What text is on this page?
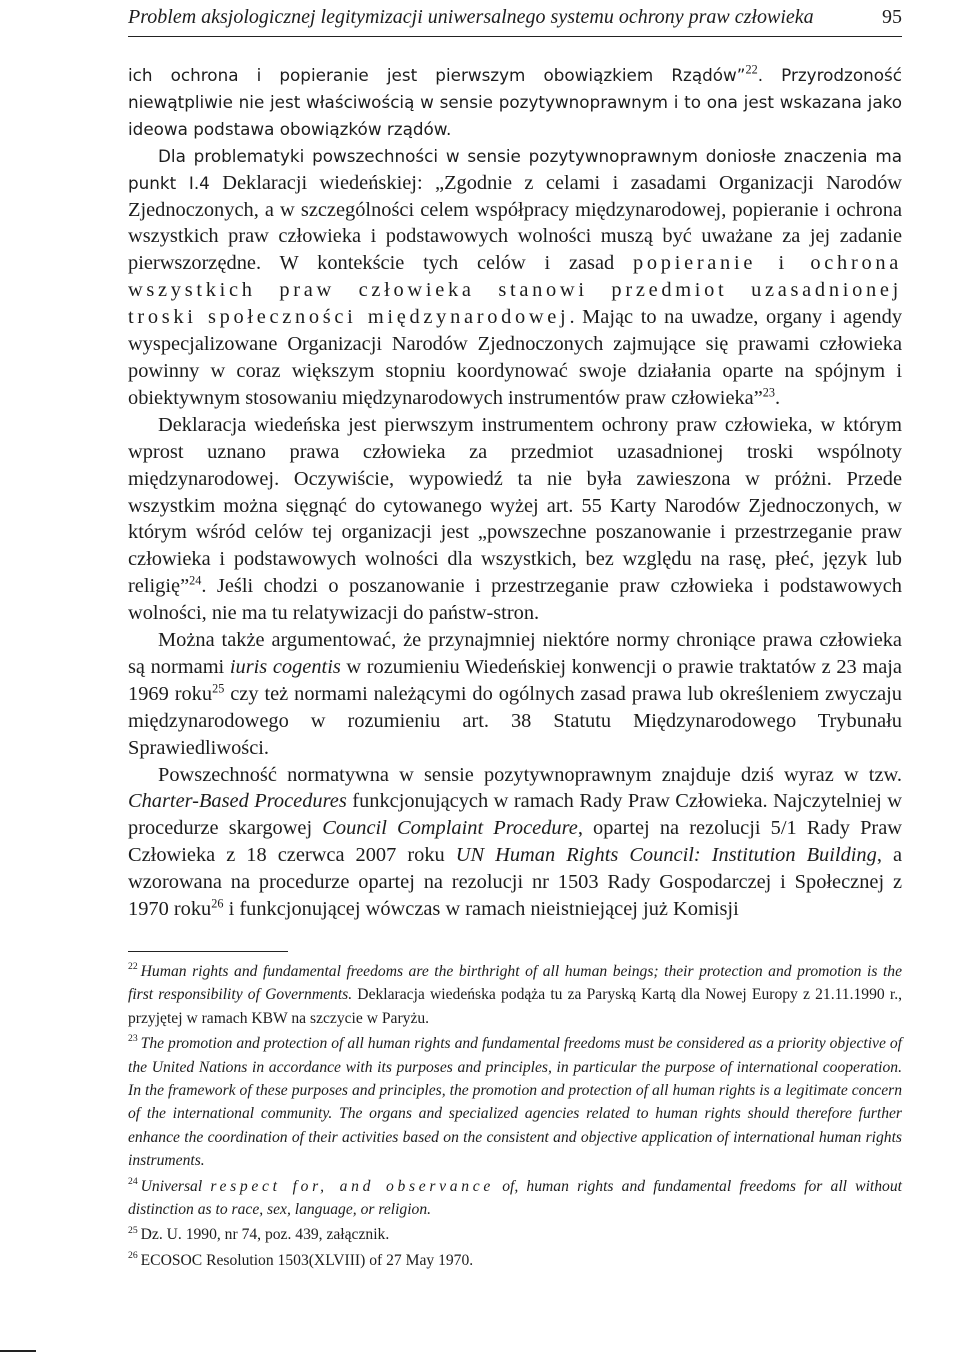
Problem aksjologicznej legitymizacji uniwersalnego systemu ochrony praw człowieka	95

ich ochrona i popieranie jest pierwszym obowiązkiem Rządów”$^{22}$. Przyrodzoność niewątpliwie nie jest właściwością w sensie pozytywnoprawnym i to ona jest wskazana jako ideowa podstawa obowiązków rządów.

Dla problematyki powszechności w sensie pozytywnoprawnym doniosłe znaczenia ma punkt I.4 Deklaracji wiedeńskiej: „Zgodnie z celami i zasadami Organizacji Narodów Zjednoczonych, a w szczególności celem współpracy międzynarodowej, popieranie i ochrona wszystkich praw człowieka i podstawowych wolności muszą być uważane za jej zadanie pierwszorzędne. W kontekście tych celów i zasad popieranie i ochrona wszystkich praw człowieka stanowi przedmiot uzasadnionej troski społeczności międzynarodowej. Mając to na uwadze, organy i agendy wyspecjalizowane Organizacji Narodów Zjednoczonych zajmujące się prawami człowieka powinny w coraz większym stopniu koordynować swoje działania oparte na spójnym i obiektywnym stosowaniu międzynarodowych instrumentów praw człowieka”$^{23}$.

Deklaracja wiedeńska jest pierwszym instrumentem ochrony praw człowieka, w którym wprost uznano prawa człowieka za przedmiot uzasadnionej troski wspólnoty międzynarodowej. Oczywiście, wypowiedź ta nie była zawieszona w próżni. Przede wszystkim można sięgnąć do cytowanego wyżej art. 55 Karty Narodów Zjednoczonych, w którym wśród celów tej organizacji jest „powszechne poszanowanie i przestrzeganie praw człowieka i podstawowych wolności dla wszystkich, bez względu na rasę, płeć, język lub religię”$^{24}$. Jeśli chodzi o poszanowanie i przestrzeganie praw człowieka i podstawowych wolności, nie ma tu relatywizacji do państw-stron.

Można także argumentować, że przynajmniej niektóre normy chroniące prawa człowieka są normami iuris cogentis w rozumieniu Wiedeńskiej konwencji o prawie traktatów z 23 maja 1969 roku$^{25}$ czy też normami należącymi do ogólnych zasad prawa lub określeniem zwyczaju międzynarodowego w rozumieniu art. 38 Statutu Międzynarodowego Trybunału Sprawiedliwości.

Powszechność normatywna w sensie pozytywnoprawnym znajduje dziś wyraz w tzw. Charter-Based Procedures funkcjonujących w ramach Rady Praw Człowieka. Najczytelniej w procedurze skargowej Council Complaint Procedure, opartej na rezolucji 5/1 Rady Praw Człowieka z 18 czerwca 2007 roku UN Human Rights Council: Institution Building, a wzorowana na procedurze opartej na rezolucji nr 1503 Rady Gospodarczej i Społecznej z 1970 roku$^{26}$ i funkcjonującej wówczas w ramach nieistniejącej już Komisji

$^{22}$ Human rights and fundamental freedoms are the birthright of all human beings; their protection and promotion is the first responsibility of Governments. Deklaracja wiedeńska podąża tu za Paryską Kartą dla Nowej Europy z 21.11.1990 r., przyjętej w ramach KBW na szczycie w Paryżu.

$^{23}$ The promotion and protection of all human rights and fundamental freedoms must be considered as a priority objective of the United Nations in accordance with its purposes and principles, in particular the purpose of international cooperation. In the framework of these purposes and principles, the promotion and protection of all human rights is a legitimate concern of the international community. The organs and specialized agencies related to human rights should therefore further enhance the coordination of their activities based on the consistent and objective application of international human rights instruments.

$^{24}$ Universal respect for, and observance of, human rights and fundamental freedoms for all without distinction as to race, sex, language, or religion.

$^{25}$ Dz. U. 1990, nr 74, poz. 439, załącznik.

$^{26}$ ECOSOC Resolution 1503(XLVIII) of 27 May 1970.
